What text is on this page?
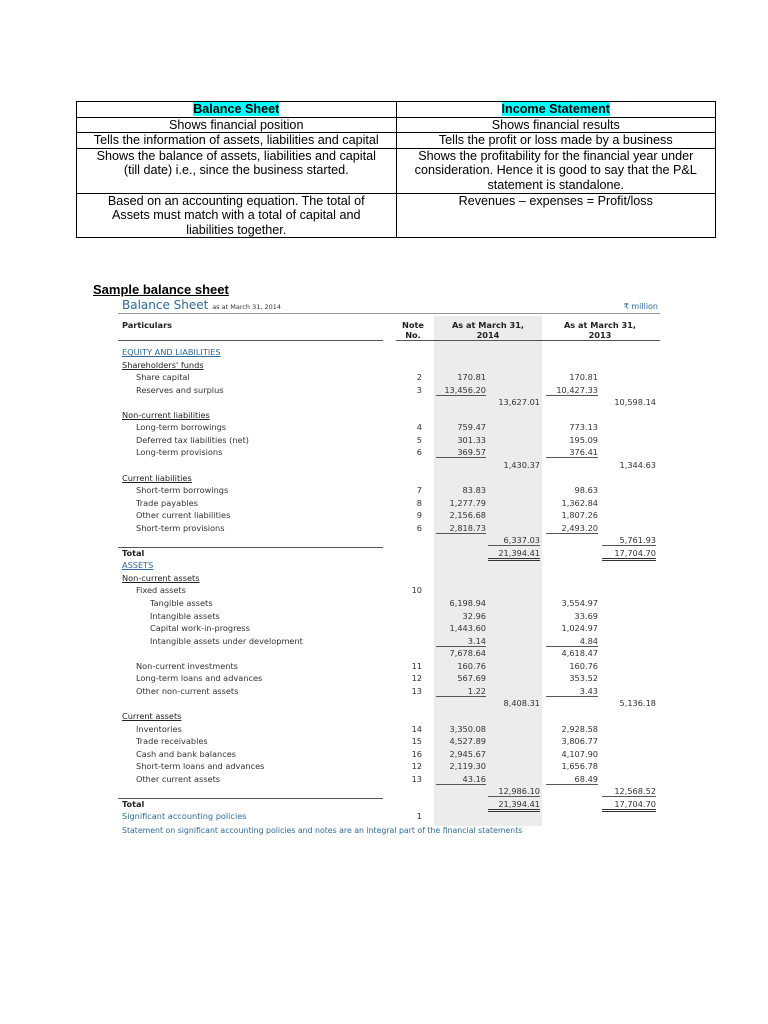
Balance Sheet	Income Statement
Shows financial position	Shows financial results
Tells the information of assets, liabilities and capital	Tells the profit or loss made by a business
Shows the balance of assets, liabilities and capital (till date) i.e., since the business started.	Shows the profitability for the financial year under consideration. Hence it is good to say that the P&L statement is standalone.
Based on an accounting equation. The total of Assets must match with a total of capital and liabilities together.	Revenues – expenses = Profit/loss
Sample balance sheet
Balance Sheet as at March 31, 2014	₹ million
Particulars	Note No.
As at March 31, 2014
As at March 31, 2013
EQUITY AND LIABILITIES
Shareholders' funds
Share capital	2	170.81	170.81
Reserves and surplus	3	13,456.20	10,427.33
13,627.01	10,598.14
Non-current liabilities
Long-term borrowings	4	759.47	773.13
Deferred tax liabilities (net)	5	301.33	195.09
Long-term provisions	6	369.57	376.41
1,430.37	1,344.63
Current liabilities
Short-term borrowings	7	83.83	98.63
Trade payables	8	1,277.79	1,362.84
Other current liabilities	9	2,156.68	1,807.26
Short-term provisions	6	2,818.73	2,493.20
6,337.03	5,761.93
Total	21,394.41	17,704.70
ASSETS
Non-current assets
Fixed assets	10
Tangible assets	6,198.94	3,554.97
Intangible assets	32.96	33.69
Capital work-in-progress	1,443.60	1,024.97
Intangible assets under development	3.14	4.84
7,678.64	4,618.47
Non-current investments	11	160.76	160.76
Long-term loans and advances	12	567.69	353.52
Other non-current assets	13	1.22	3.43
8,408.31	5,136.18
Current assets
Inventories	14	3,350.08	2,928.58
Trade receivables	15	4,527.89	3,806.77
Cash and bank balances	16	2,945.67	4,107.90
Short-term loans and advances	12	2,119.30	1,656.78
Other current assets	13	43.16	68.49
12,986.10	12,568.52
Total	21,394.41	17,704.70
Significant accounting policies	1
Statement on significant accounting policies and notes are an integral part of the financial statements
